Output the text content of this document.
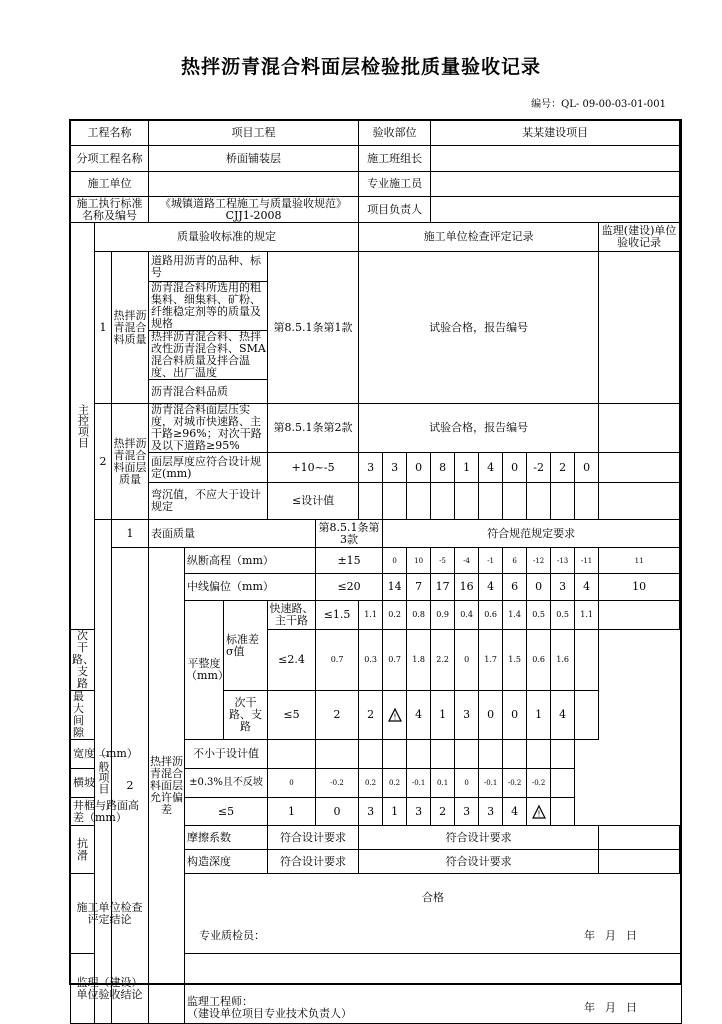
热拌沥青混合料面层检验批质量验收记录
编号：QL- 09-00-03-01-001
工程名称			项目工程					验收部位			某某建设项目								
分项工程名称			桥面铺装层					施工班组长											
施工单位								专业施工员											
施工执行标准名称及编号			《城镇道路工程施工与质量验收规范》CJJ1-2008					项目负责人											
主控项目	质量验收标准的规定							施工单位检查评定记录										监理(建设)单位验收记录	
	1	热拌沥青混合料质量	道路用沥青的品种、标号			第8.5.1条第1款		试验合格，报告编号											
			沥青混合料所选用的粗集料、细集料、矿粉、纤维稳定剂等的质量及规格																
			热拌沥青混合料、热拌改性沥青混合料、SMA混合料质量及拌合温度、出厂温度																
			沥青混合料品质																
	2	热拌沥青混合料面层质量	沥青混合料面层压实度，对城市快速路、主干路≥96%；对次干路及以下道路≥95%			第8.5.1条第2款		试验合格，报告编号											
			面层厚度应符合设计规定(mm)			+10~-5		3	3	0	8	1	4	0	-2	2	0		
			弯沉值，不应大于设计规定			≤设计值													
	一般项目	1	表面质量				第8.5.1条第3款		符合规范规定要求										
		2	热拌沥青混合料面层允许偏差	纵断高程（mm）			±15		0	10	-5	-4	-1	6	-12	-13	-11	11	
				中线偏位（mm）			≤20		14	7	17	16	4	6	0	3	4	10	
				平整度（mm）	标准差σ值	快速路、主干路	≤1.5	1.1	0.2	0.8	0.9	0.4	0.6	1.4	0.5	0.5	1.1		
次干路、支路						≤2.4	0.7	0.3	0.7	1.8	2.2	0	1.7	1.5	0.6	1.6			
最大间隙					次干路、支路	≤5	2	2	!	4	1	3	0	0	1	4			
宽度（mm）				不小于设计值															
横坡				±0.3%且不反坡		0	-0.2	0.2	0.2	-0.1	0.1	0	-0.1	-0.2	-0.2				
井框与路面高差（mm）				≤5		1	0	3	1	3	2	3	3	4	!				

抗滑				摩擦系数		符合设计要求		符合设计要求											
				构造深度		符合设计要求		符合设计要求											
施工单位检查评定结论				合格
专业质检员： 年月日															

监理（建设）单位验收结论				监理工程师：
（建设单位项目专业技术负责人） 年月日															
